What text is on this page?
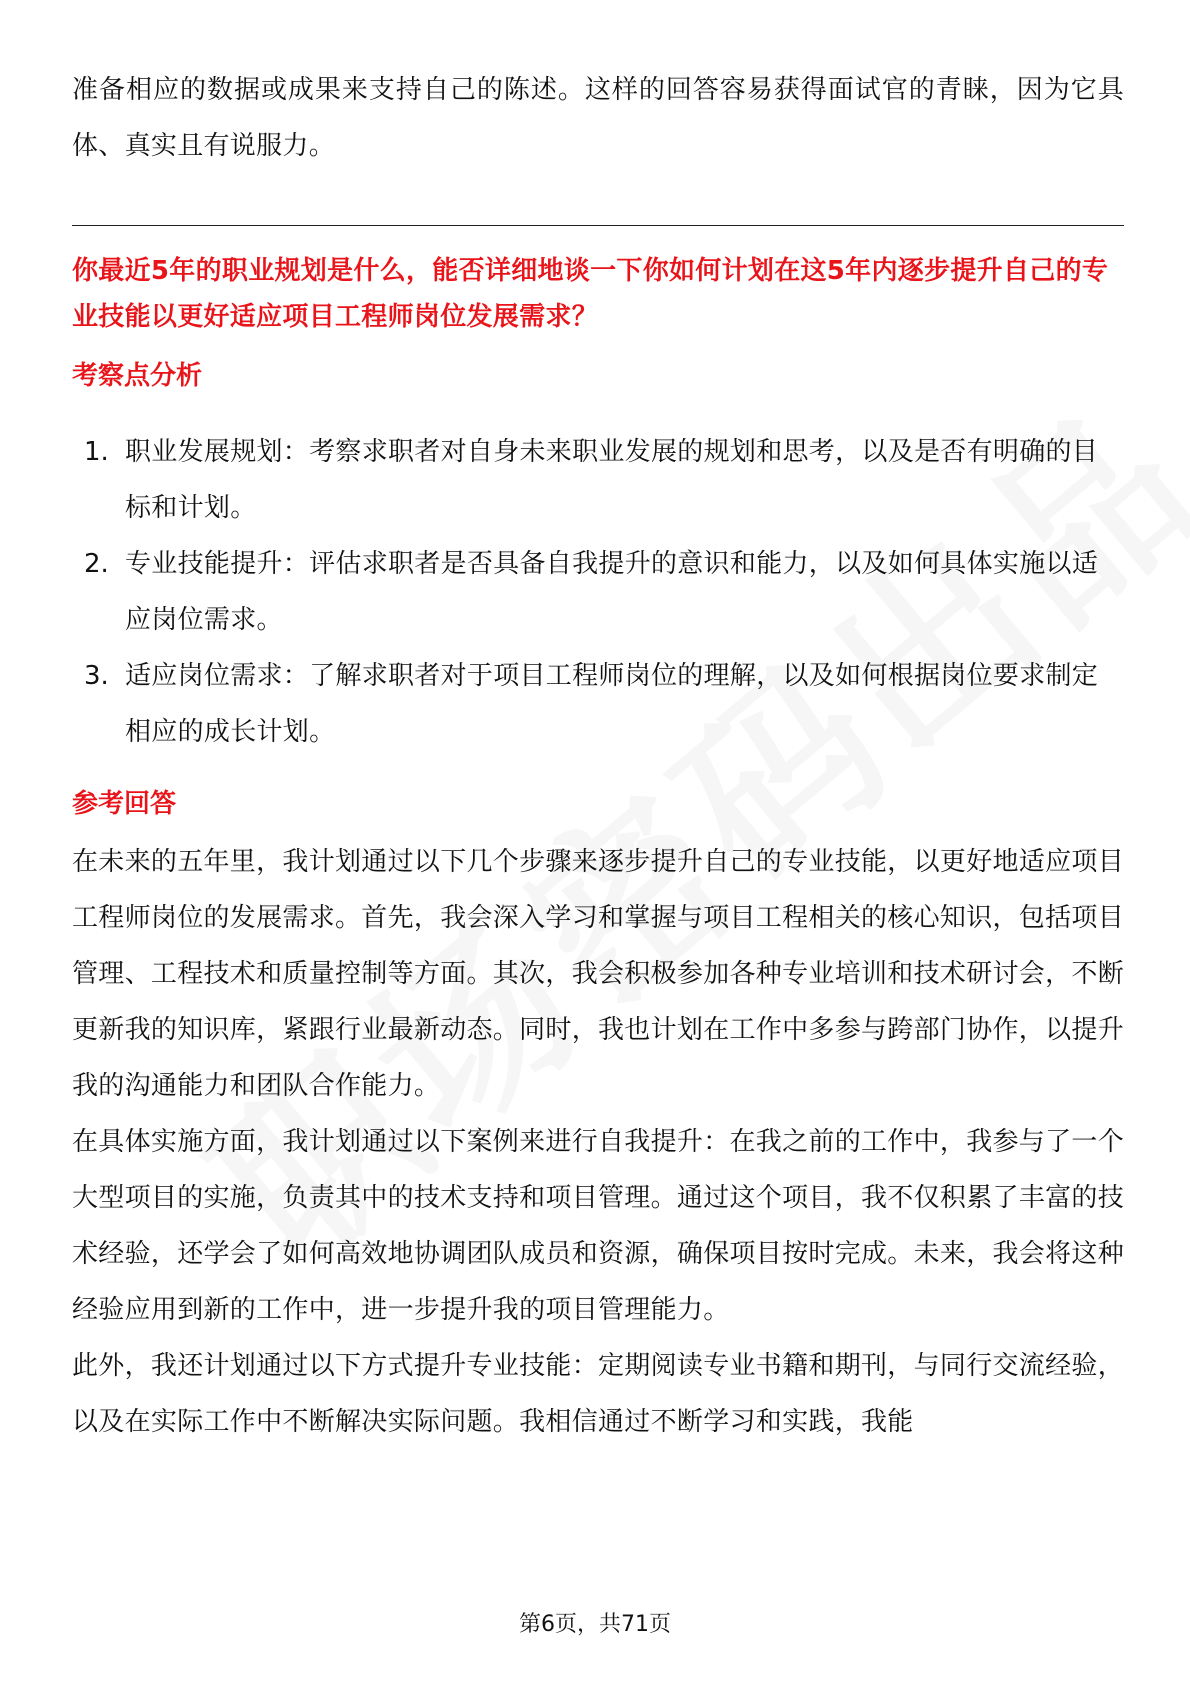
准备相应的数据或成果来支持自己的陈述。这样的回答容易获得面试官的青睐，因为它具体、真实且有说服力。

你最近5年的职业规划是什么，能否详细地谈一下你如何计划在这5年内逐步提升自己的专业技能以更好适应项目工程师岗位发展需求？

考察点分析
1. 职业发展规划：考察求职者对自身未来职业发展的规划和思考，以及是否有明确的目标和计划。

2. 专业技能提升：评估求职者是否具备自我提升的意识和能力，以及如何具体实施以适应岗位需求。

3. 适应岗位需求：了解求职者对于项目工程师岗位的理解，以及如何根据岗位要求制定相应的成长计划。

参考回答

在未来的五年里，我计划通过以下几个步骤来逐步提升自己的专业技能，以更好地适应项目工程师岗位的发展需求。首先，我会深入学习和掌握与项目工程相关的核心知识，包括项目管理、工程技术和质量控制等方面。其次，我会积极参加各种专业培训和技术研讨会，不断更新我的知识库，紧跟行业最新动态。同时，我也计划在工作中多参与跨部门协作，以提升我的沟通能力和团队合作能力。

在具体实施方面，我计划通过以下案例来进行自我提升：在我之前的工作中，我参与了一个大型项目的实施，负责其中的技术支持和项目管理。通过这个项目，我不仅积累了丰富的技术经验，还学会了如何高效地协调团队成员和资源，确保项目按时完成。未来，我会将这种经验应用到新的工作中，进一步提升我的项目管理能力。

此外，我还计划通过以下方式提升专业技能：定期阅读专业书籍和期刊，与同行交流经验，以及在实际工作中不断解决实际问题。我相信通过不断学习和实践，我能

第6页，共71页
